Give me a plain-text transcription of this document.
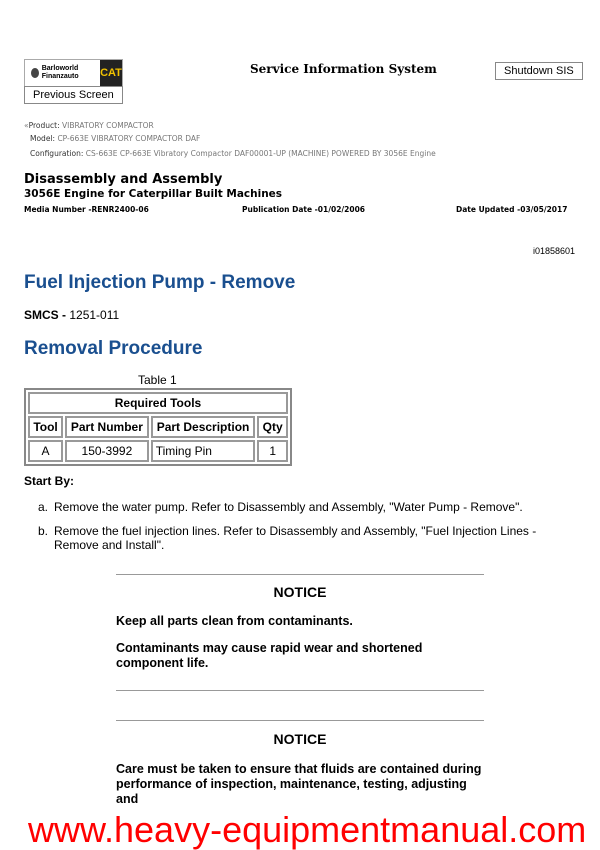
Barloworld Finanzauto	CAT
Previous Screen
Service Information System	Shutdown SIS
«Product: VIBRATORY COMPACTOR
Model: CP-663E VIBRATORY COMPACTOR DAF
Configuration: CS-663E CP-663E Vibratory Compactor DAF00001-UP (MACHINE) POWERED BY 3056E Engine
Disassembly and Assembly
3056E Engine for Caterpillar Built Machines
Media Number -RENR2400-06	Publication Date -01/02/2006	Date Updated -03/05/2017
i01858601
Fuel Injection Pump - Remove
SMCS - 1251-011
Removal Procedure
Table 1
Required Tools			
Tool	Part Number	Part Description	Qty
A	150-3992	Timing Pin	1
Start By:
a. Remove the water pump. Refer to Disassembly and Assembly, "Water Pump - Remove".
b. Remove the fuel injection lines. Refer to Disassembly and Assembly, "Fuel Injection Lines - Remove and Install".
NOTICE
Keep all parts clean from contaminants.
Contaminants may cause rapid wear and shortened component life.
NOTICE
Care must be taken to ensure that fluids are contained during performance of inspection, maintenance, testing, adjusting and
www.heavy-equipmentmanual.com
